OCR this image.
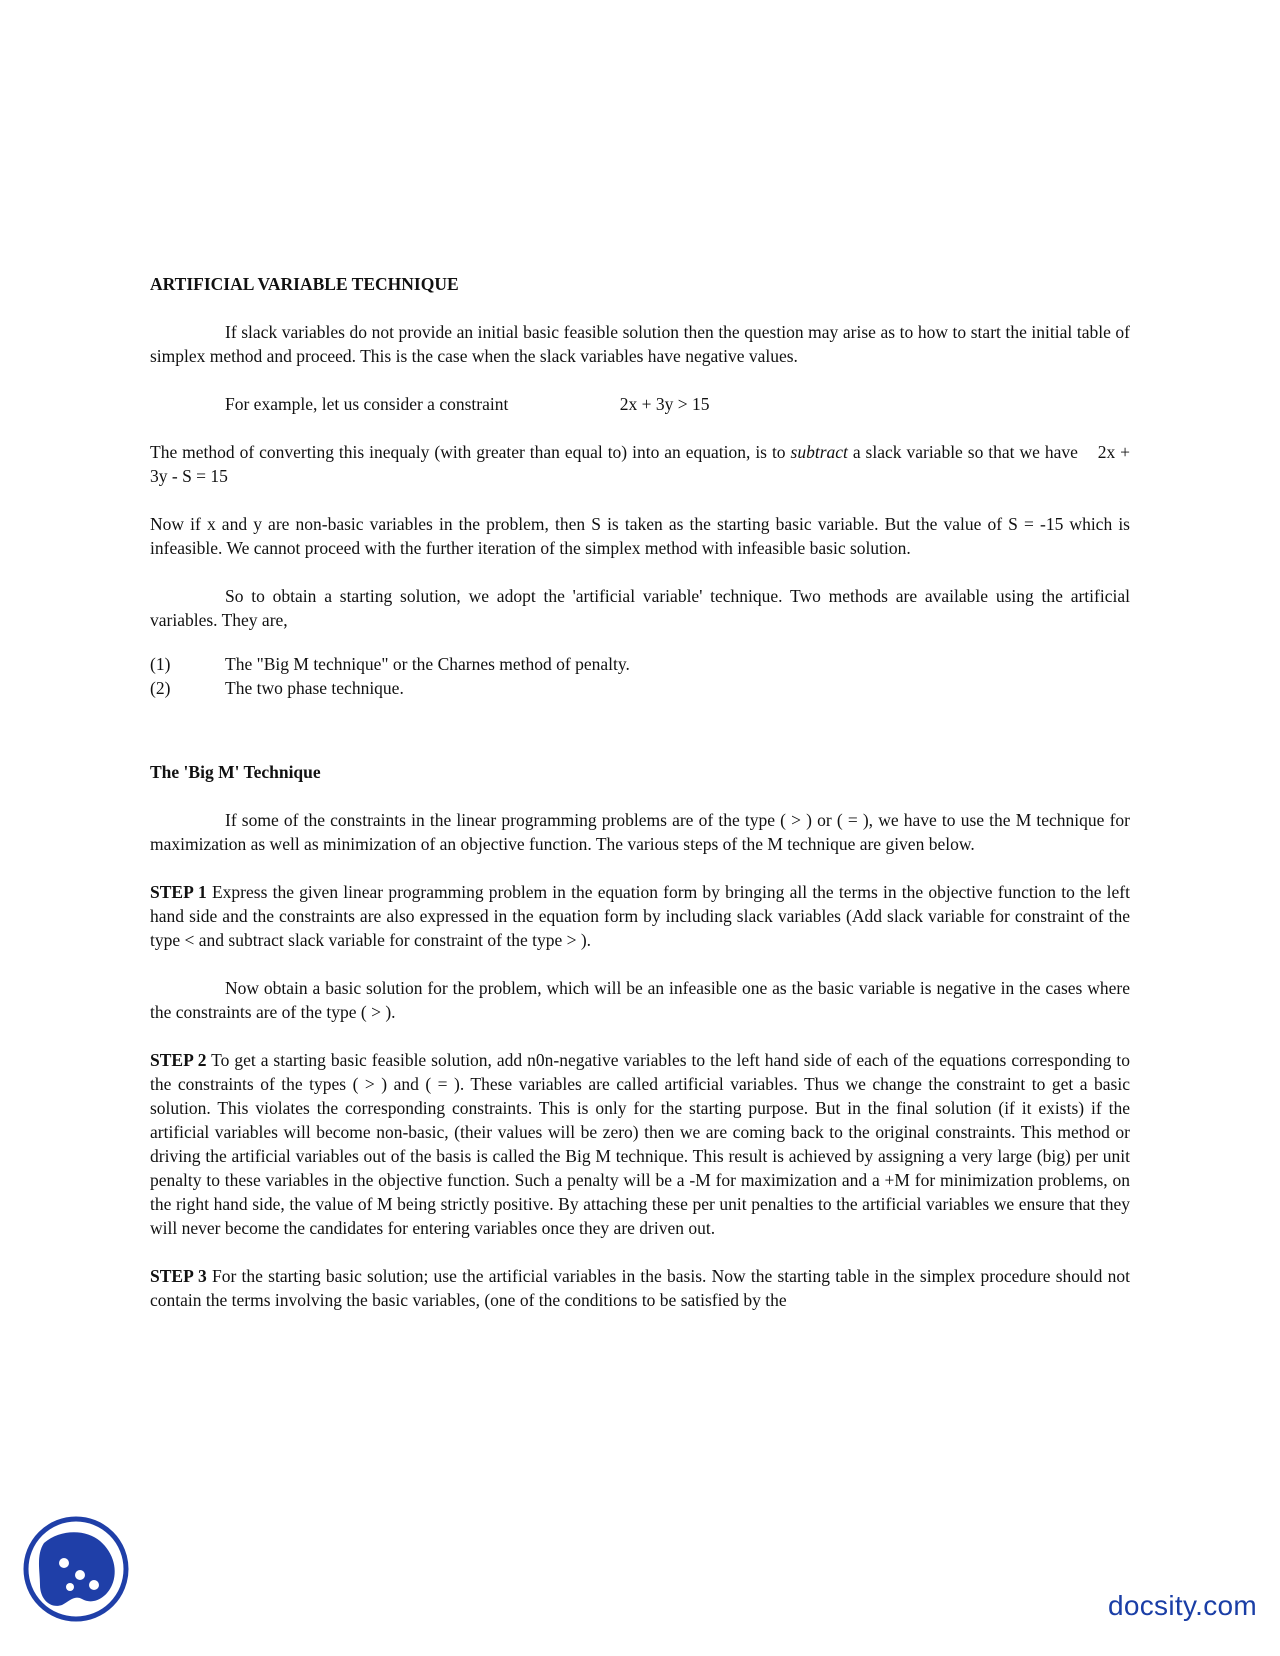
ARTIFICIAL VARIABLE TECHNIQUE

If slack variables do not provide an initial basic feasible solution then the question may arise as to how to start the initial table of simplex method and proceed. This is the case when the slack variables have negative values.

For example, let us consider a constraint	2x + 3y > 15

The method of converting this inequaly (with greater than equal to) into an equation, is to subtract a slack variable so that we have 2x + 3y - S = 15

Now if x and y are non-basic variables in the problem, then S is taken as the starting basic variable. But the value of S = -15 which is infeasible. We cannot proceed with the further iteration of the simplex method with infeasible basic solution.

So to obtain a starting solution, we adopt the 'artificial variable' technique. Two methods are available using the artificial variables. They are,

(1)	The "Big M technique" or the Charnes method of penalty.
(2)	The two phase technique.
The 'Big M' Technique

If some of the constraints in the linear programming problems are of the type ( > ) or ( = ), we have to use the M technique for maximization as well as minimization of an objective function. The various steps of the M technique are given below.

STEP 1 Express the given linear programming problem in the equation form by bringing all the terms in the objective function to the left hand side and the constraints are also expressed in the equation form by including slack variables (Add slack variable for constraint of the type < and subtract slack variable for constraint of the type > ).

Now obtain a basic solution for the problem, which will be an infeasible one as the basic variable is negative in the cases where the constraints are of the type ( > ).

STEP 2 To get a starting basic feasible solution, add n0n-negative variables to the left hand side of each of the equations corresponding to the constraints of the types ( > ) and ( = ). These variables are called artificial variables. Thus we change the constraint to get a basic solution. This violates the corresponding constraints. This is only for the starting purpose. But in the final solution (if it exists) if the artificial variables will become non-basic, (their values will be zero) then we are coming back to the original constraints. This method or driving the artificial variables out of the basis is called the Big M technique. This result is achieved by assigning a very large (big) per unit penalty to these variables in the objective function. Such a penalty will be a -M for maximization and a +M for minimization problems, on the right hand side, the value of M being strictly positive. By attaching these per unit penalties to the artificial variables we ensure that they will never become the candidates for entering variables once they are driven out.

STEP 3 For the starting basic solution; use the artificial variables in the basis. Now the starting table in the simplex procedure should not contain the terms involving the basic variables, (one of the conditions to be satisfied by the

docsity.com
